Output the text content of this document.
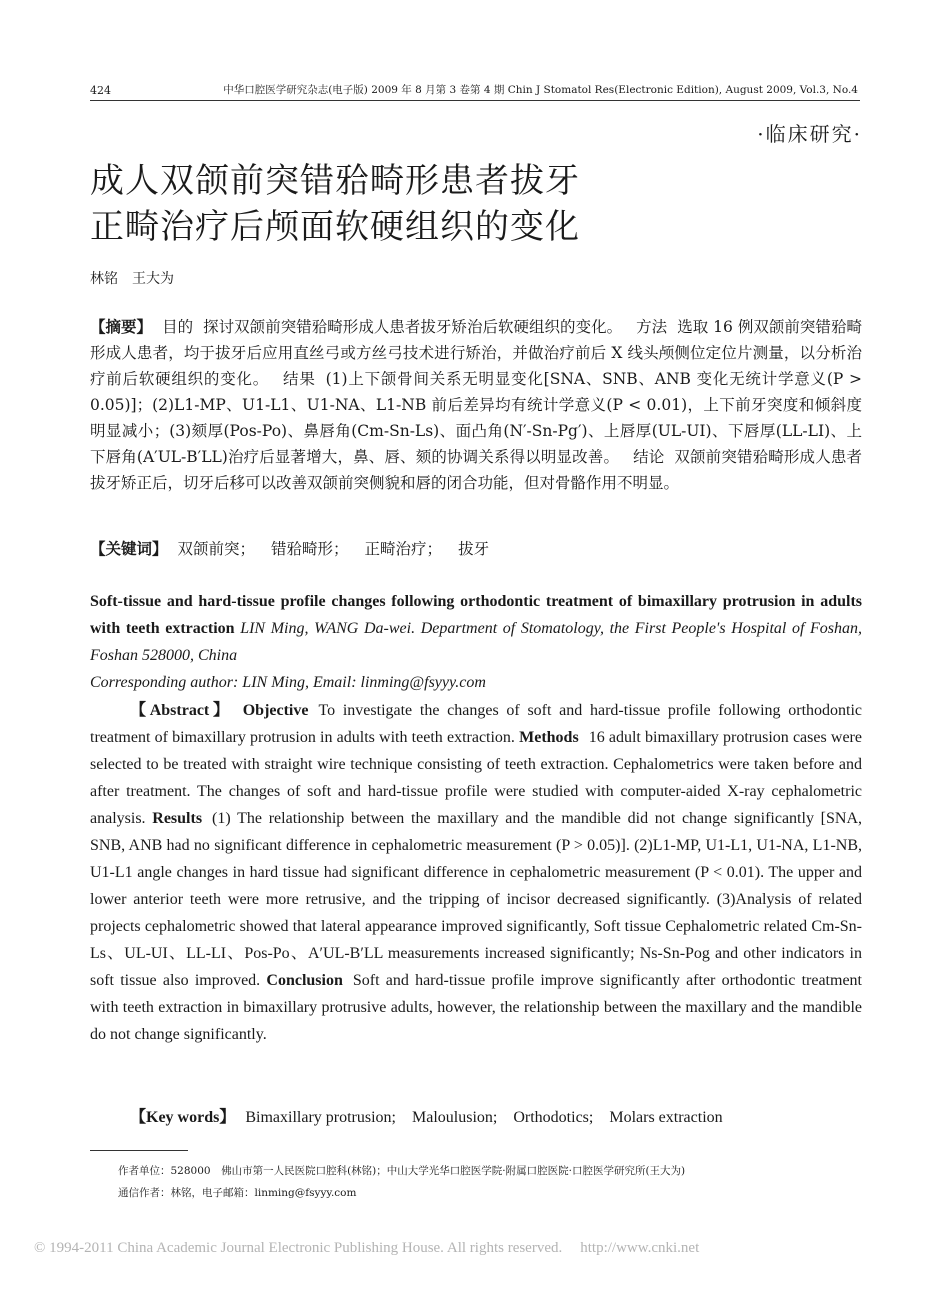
424	中华口腔医学研究杂志(电子版) 2009 年 8 月第 3 卷第 4 期 Chin J Stomatol Res(Electronic Edition), August 2009, Vol.3, No.4
·临床研究·
成人双颌前突错𬌗畸形患者拔牙
正畸治疗后颅面软硬组织的变化
林铭　王大为
【摘要】 目的 探讨双颌前突错𬌗畸形成人患者拔牙矫治后软硬组织的变化。 方法 选取 16 例双颌前突错𬌗畸形成人患者，均于拔牙后应用直丝弓或方丝弓技术进行矫治，并做治疗前后 X 线头颅侧位定位片测量，以分析治疗前后软硬组织的变化。 结果 (1)上下颌骨间关系无明显变化[SNA、SNB、ANB 变化无统计学意义(P > 0.05)]；(2)L1-MP、U1-L1、U1-NA、L1-NB 前后差异均有统计学意义(P < 0.01)，上下前牙突度和倾斜度明显减小；(3)颏厚(Pos-Po)、鼻唇角(Cm-Sn-Ls)、面凸角(N′-Sn-Pg′)、上唇厚(UL-UI)、下唇厚(LL-LI)、上下唇角(A′UL-B′LL)治疗后显著增大，鼻、唇、颏的协调关系得以明显改善。 结论 双颌前突错𬌗畸形成人患者拔牙矫正后，切牙后移可以改善双颌前突侧貌和唇的闭合功能，但对骨骼作用不明显。
【关键词】 双颌前突； 错𬌗畸形； 正畸治疗； 拔牙
Soft-tissue and hard-tissue profile changes following orthodontic treatment of bimaxillary protrusion in adults with teeth extraction LIN Ming, WANG Da-wei. Department of Stomatology, the First People's Hospital of Foshan, Foshan 528000, China
Corresponding author: LIN Ming, Email: linming@fsyyy.com
【Abstract】 Objective To investigate the changes of soft and hard-tissue profile following orthodontic treatment of bimaxillary protrusion in adults with teeth extraction. Methods 16 adult bimaxillary protrusion cases were selected to be treated with straight wire technique consisting of teeth extraction. Cephalometrics were taken before and after treatment. The changes of soft and hard-tissue profile were studied with computer-aided X-ray cephalometric analysis. Results (1) The relationship between the maxillary and the mandible did not change significantly [SNA, SNB, ANB had no significant difference in cephalometric measurement (P > 0.05)]. (2)L1-MP, U1-L1, U1-NA, L1-NB, U1-L1 angle changes in hard tissue had significant difference in cephalometric measurement (P < 0.01). The upper and lower anterior teeth were more retrusive, and the tripping of incisor decreased significantly. (3)Analysis of related projects cephalometric showed that lateral appearance improved significantly, Soft tissue Cephalometric related Cm-Sn-Ls、UL-UI、LL-LI、Pos-Po、A′UL-B′LL measurements increased significantly; Ns-Sn-Pog and other indicators in soft tissue also improved. Conclusion Soft and hard-tissue profile improve significantly after orthodontic treatment with teeth extraction in bimaxillary protrusive adults, however, the relationship between the maxillary and the mandible do not change significantly.
【Key words】 Bimaxillary protrusion; Maloulusion; Orthodotics; Molars extraction
作者单位：528000　佛山市第一人民医院口腔科(林铭)；中山大学光华口腔医学院·附属口腔医院·口腔医学研究所(王大为)
通信作者：林铭，电子邮箱：linming@fsyyy.com
© 1994-2011 China Academic Journal Electronic Publishing House. All rights reserved. http://www.cnki.net
